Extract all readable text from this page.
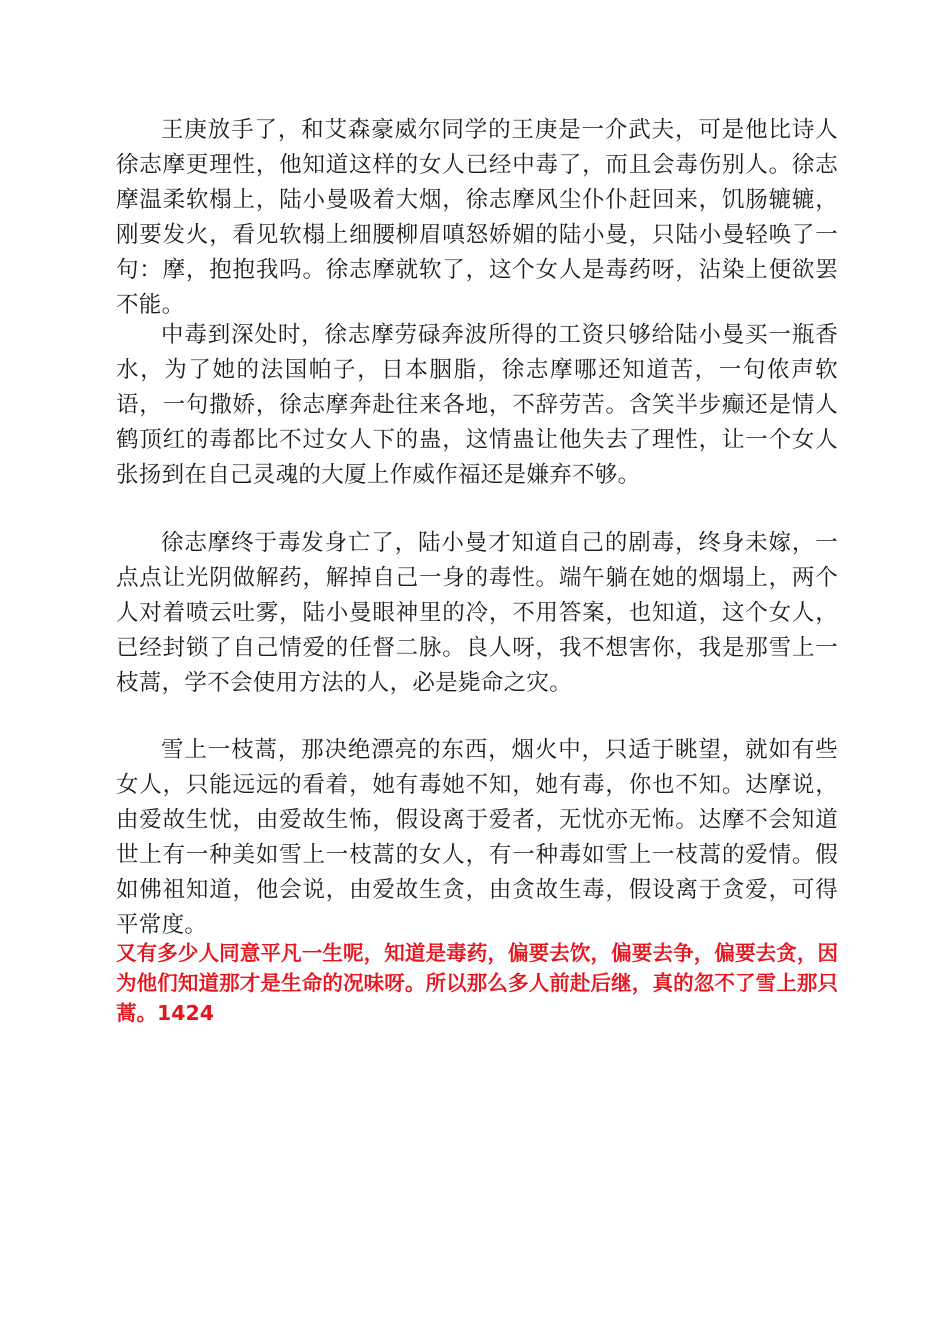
王庚放手了，和艾森豪威尔同学的王庚是一介武夫，可是他比诗人徐志摩更理性，他知道这样的女人已经中毒了，而且会毒伤别人。徐志摩温柔软榻上，陆小曼吸着大烟，徐志摩风尘仆仆赶回来，饥肠辘辘，刚要发火，看见软榻上细腰柳眉嗔怒娇媚的陆小曼，只陆小曼轻唤了一句：摩，抱抱我吗。徐志摩就软了，这个女人是毒药呀，沾染上便欲罢不能。

中毒到深处时，徐志摩劳碌奔波所得的工资只够给陆小曼买一瓶香水，为了她的法国帕子，日本胭脂，徐志摩哪还知道苦，一句侬声软语，一句撒娇，徐志摩奔赴往来各地，不辞劳苦。含笑半步癫还是情人鹤顶红的毒都比不过女人下的蛊，这情蛊让他失去了理性，让一个女人张扬到在自己灵魂的大厦上作威作福还是嫌弃不够。

徐志摩终于毒发身亡了，陆小曼才知道自己的剧毒，终身未嫁，一点点让光阴做解药，解掉自己一身的毒性。端午躺在她的烟塌上，两个人对着喷云吐雾，陆小曼眼神里的冷，不用答案，也知道，这个女人，已经封锁了自己情爱的任督二脉。良人呀，我不想害你，我是那雪上一枝蒿，学不会使用方法的人，必是毙命之灾。

雪上一枝蒿，那决绝漂亮的东西，烟火中，只适于眺望，就如有些女人，只能远远的看着，她有毒她不知，她有毒，你也不知。达摩说，由爱故生忧，由爱故生怖，假设离于爱者，无忧亦无怖。达摩不会知道世上有一种美如雪上一枝蒿的女人，有一种毒如雪上一枝蒿的爱情。假如佛祖知道，他会说，由爱故生贪，由贪故生毒，假设离于贪爱，可得平常度。

又有多少人同意平凡一生呢，知道是毒药，偏要去饮，偏要去争，偏要去贪，因为他们知道那才是生命的况味呀。所以那么多人前赴后继，真的忽不了雪上那只蒿。1424
